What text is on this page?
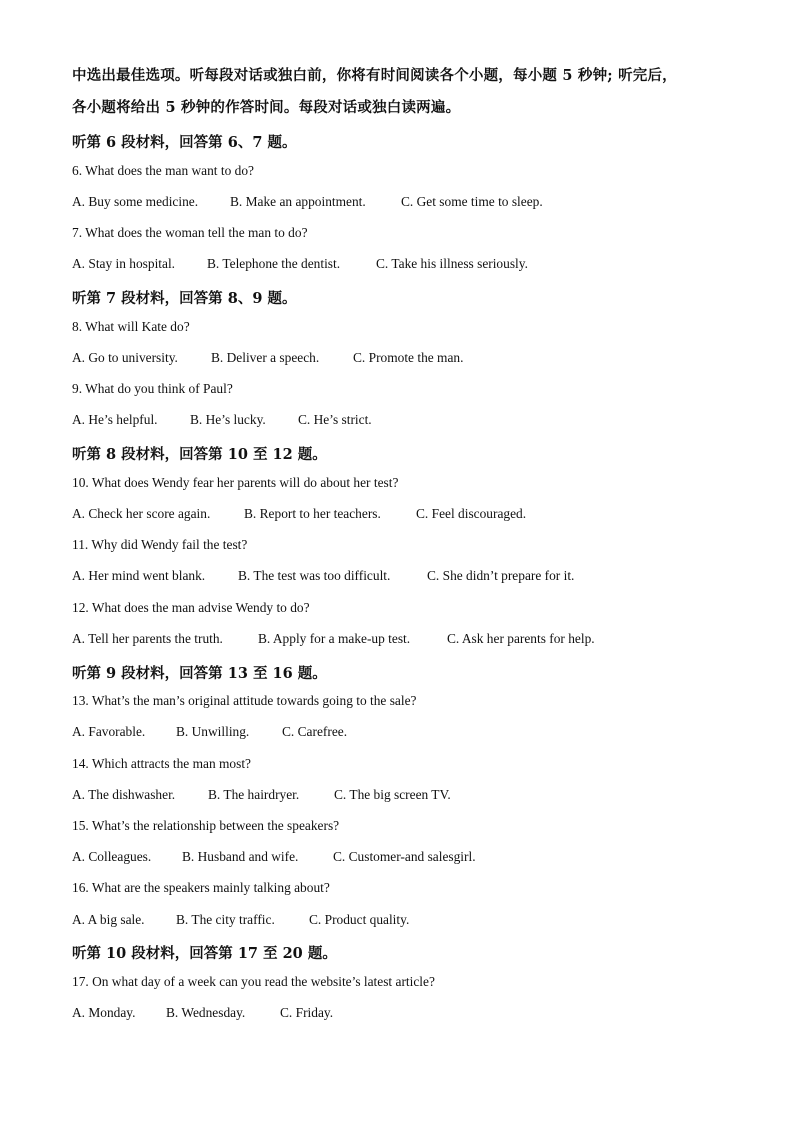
中选出最佳选项。听每段对话或独白前，你将有时间阅读各个小题，每小题 5 秒钟; 听完后，
各小题将给出 5 秒钟的作答时间。每段对话或独白读两遍。
听第 6 段材料，回答第 6、7 题。
6. What does the man want to do?
A. Buy some medicine. B. Make an appointment.	C. Get some time to sleep.
7. What does the woman tell the man to do?
A. Stay in hospital. B. Telephone the dentist.	C. Take his illness seriously.
听第 7 段材料，回答第 8、9 题。
8. What will Kate do?
A. Go to university. B. Deliver a speech.	C. Promote the man.
9. What do you think of Paul?
A. He’s helpful. B. He’s lucky. C. He’s strict.
听第 8 段材料，回答第 10 至 12 题。
10. What does Wendy fear her parents will do about her test?
A. Check her score again.	B. Report to her teachers.	C. Feel discouraged.
11. Why did Wendy fail the test?
A. Her mind went blank. B. The test was too difficult.	C. She didn’t prepare for it.
12. What does the man advise Wendy to do?
A. Tell her parents the truth.	B. Apply for a make-up test.	C. Ask her parents for help.
听第 9 段材料，回答第 13 至 16 题。
13. What’s the man’s original attitude towards going to the sale?
A. Favorable. B. Unwilling. C. Carefree.
14. Which attracts the man most?
A. The dishwasher. B. The hairdryer.	C. The big screen TV.
15. What’s the relationship between the speakers?
A. Colleagues. B. Husband and wife.	C. Customer-and salesgirl.
16. What are the speakers mainly talking about?
A. A big sale. B. The city traffic.	C. Product quality.
听第 10 段材料，回答第 17 至 20 题。
17. On what day of a week can you read the website’s latest article?
A. Monday. B. Wednesday.	C. Friday.
